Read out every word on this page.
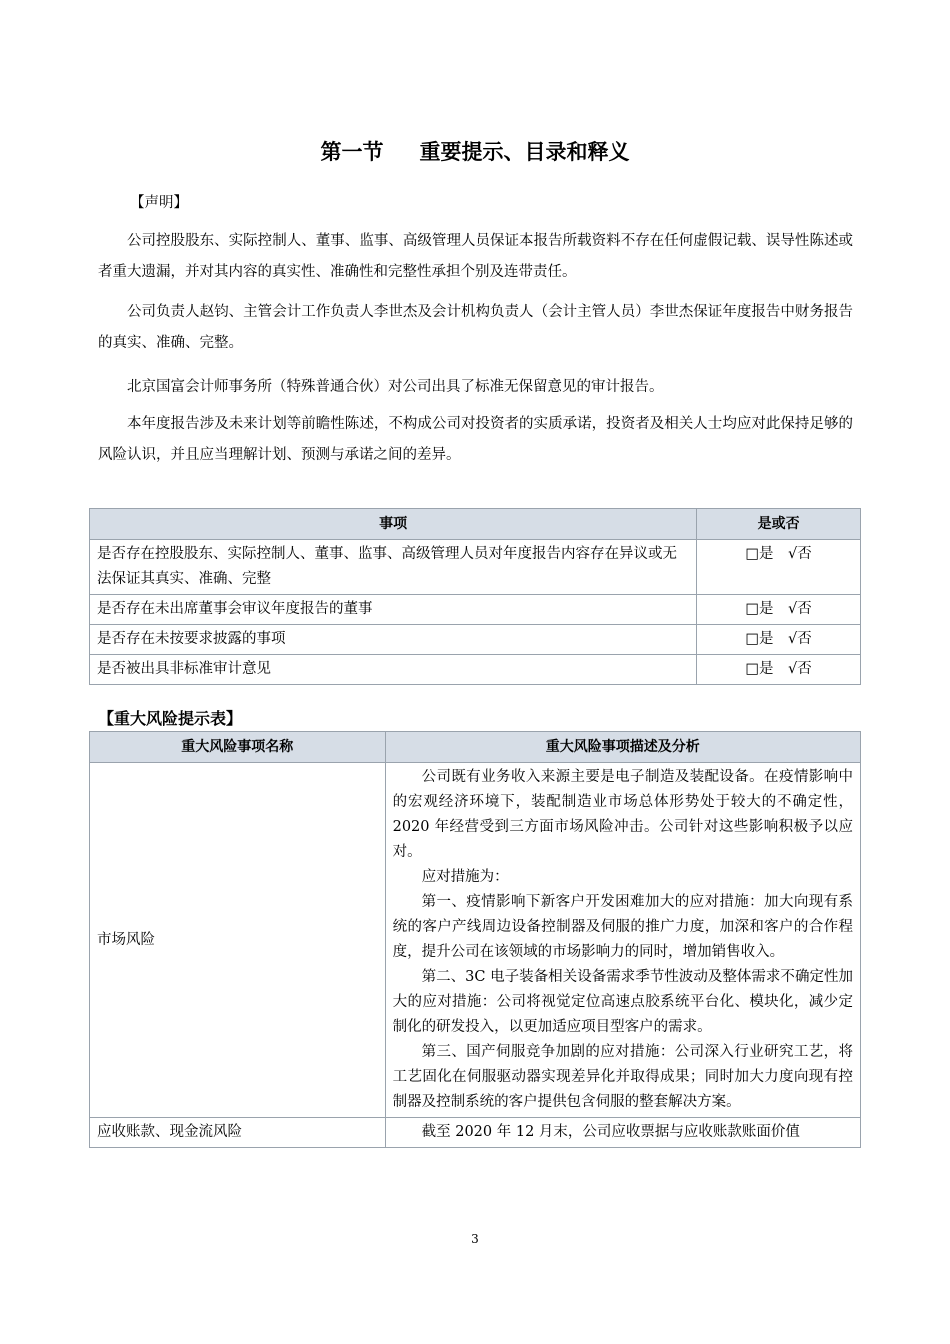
第一节 重要提示、目录和释义
【声明】

公司控股股东、实际控制人、董事、监事、高级管理人员保证本报告所载资料不存在任何虚假记载、误导性陈述或者重大遗漏，并对其内容的真实性、准确性和完整性承担个别及连带责任。

公司负责人赵钧、主管会计工作负责人李世杰及会计机构负责人（会计主管人员）李世杰保证年度报告中财务报告的真实、准确、完整。

北京国富会计师事务所（特殊普通合伙）对公司出具了标准无保留意见的审计报告。

本年度报告涉及未来计划等前瞻性陈述，不构成公司对投资者的实质承诺，投资者及相关人士均应对此保持足够的风险认识，并且应当理解计划、预测与承诺之间的差异。

事项	是或否
是否存在控股股东、实际控制人、董事、监事、高级管理人员对年度报告内容存在异议或无法保证其真实、准确、完整	□是　√否
是否存在未出席董事会审议年度报告的董事	□是　√否
是否存在未按要求披露的事项	□是　√否
是否被出具非标准审计意见	□是　√否
【重大风险提示表】
重大风险事项名称	重大风险事项描述及分析
市场风险	公司既有业务收入来源主要是电子制造及装配设备。在疫情影响中的宏观经济环境下，装配制造业市场总体形势处于较大的不确定性，2020 年经营受到三方面市场风险冲击。公司针对这些影响积极予以应对。

应对措施为：

第一、疫情影响下新客户开发困难加大的应对措施：加大向现有系统的客户产线周边设备控制器及伺服的推广力度，加深和客户的合作程度，提升公司在该领域的市场影响力的同时，增加销售收入。

第二、3C 电子装备相关设备需求季节性波动及整体需求不确定性加大的应对措施：公司将视觉定位高速点胶系统平台化、模块化，减少定制化的研发投入，以更加适应项目型客户的需求。

第三、国产伺服竞争加剧的应对措施：公司深入行业研究工艺，将工艺固化在伺服驱动器实现差异化并取得成果；同时加大力度向现有控制器及控制系统的客户提供包含伺服的整套解决方案。

应收账款、现金流风险	截至 2020 年 12 月末，公司应收票据与应收账款账面价值

3
